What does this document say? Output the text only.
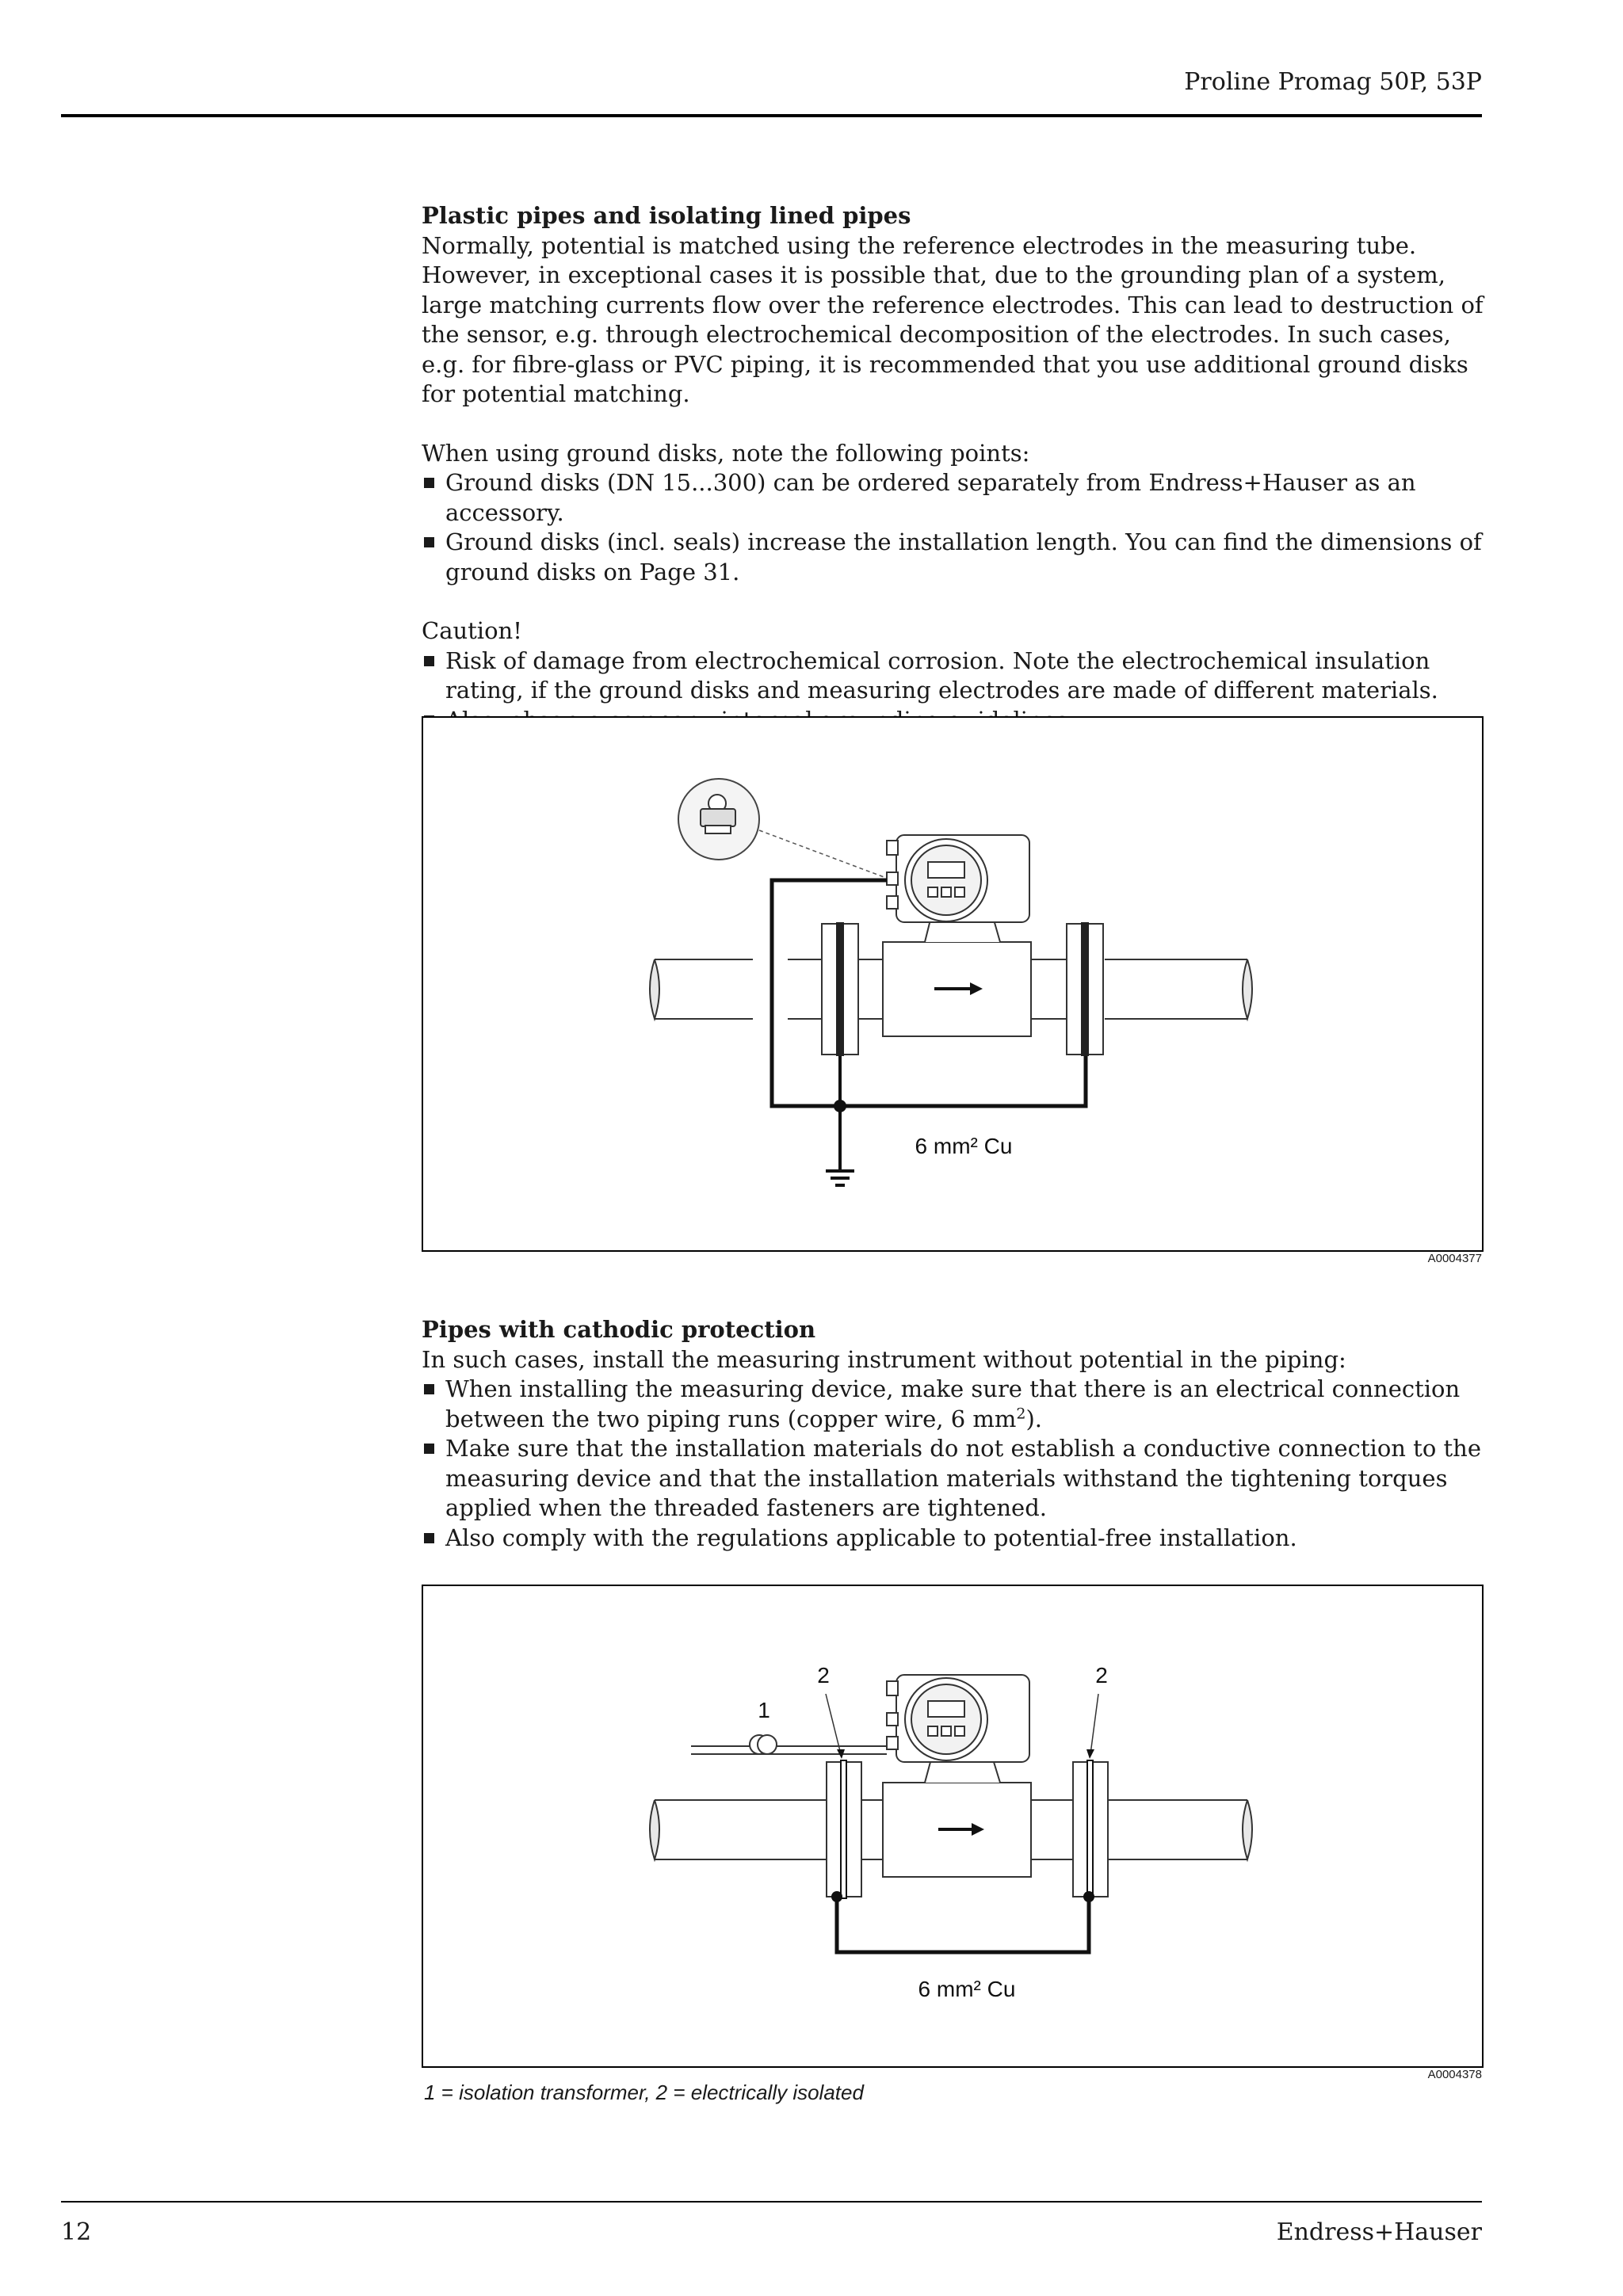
Proline Promag 50P, 53P

Plastic pipes and isolating lined pipes

Normally, potential is matched using the reference electrodes in the measuring tube. However, in exceptional cases it is possible that, due to the grounding plan of a system, large matching currents flow over the reference electrodes. This can lead to destruction of the sensor, e.g. through electrochemical decomposition of the electrodes. In such cases, e.g. for fibre-glass or PVC piping, it is recommended that you use additional ground disks for potential matching.

When using ground disks, note the following points:

Ground disks (DN 15...300) can be ordered separately from Endress+Hauser as an accessory.
Ground disks (incl. seals) increase the installation length. You can find the dimensions of ground disks on Page 31.

Caution!

Risk of damage from electrochemical corrosion. Note the electrochemical insulation rating, if the ground disks and measuring electrodes are made of different materials.
6 mm² Cu
A0004377

Pipes with cathodic protection

In such cases, install the measuring instrument without potential in the piping:

When installing the measuring device, make sure that there is an electrical connection between the two piping runs (copper wire, 6 $mm^2$).
Make sure that the installation materials do not establish a conductive connection to the measuring device and that the installation materials withstand the tightening torques applied when the threaded fasteners are tightened.
Also comply with the regulations applicable to potential-free installation.
2	2
1
6 mm² Cu
A0004378
1 = isolation transformer, 2 = electrically isolated
12	Endress+Hauser
